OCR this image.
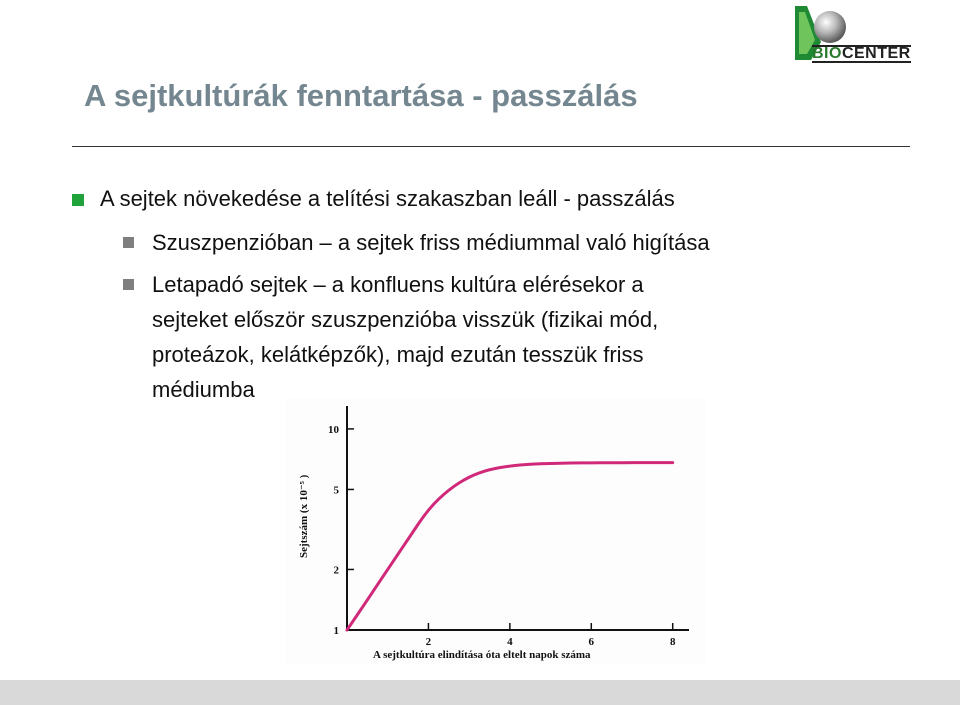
BIOCENTER
A sejtkultúrák fenntartása - passzálás
A sejtek növekedése a telítési szakaszban leáll - passzálás
Szuszpenzióban – a sejtek friss médiummal való higítása
Letapadó sejtek – a konfluens kultúra elérésekor a
sejteket először szuszpenzióba visszük (fizikai mód,
proteázok, kelátképzők), majd ezután tesszük friss
médiumba
1
2
5
10
2	4	6	8
Sejtszám (x 10⁻⁵ )
A sejtkultúra elindítása óta eltelt napok száma
